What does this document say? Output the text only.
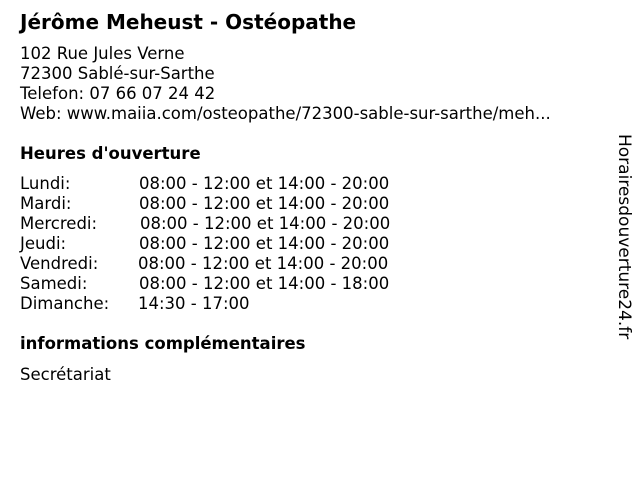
Jérôme Meheust - Ostéopathe
102 Rue Jules Verne
72300 Sablé-sur-Sarthe
Telefon: 07 66 07 24 42
Web: www.maiia.com/osteopathe/72300-sable-sur-sarthe/meh...
Heures d'ouverture
Lundi:	08:00 - 12:00 et 14:00 - 20:00
Mardi:	08:00 - 12:00 et 14:00 - 20:00
Mercredi:	08:00 - 12:00 et 14:00 - 20:00
Jeudi:	08:00 - 12:00 et 14:00 - 20:00
Vendredi: 08:00 - 12:00 et 14:00 - 20:00
Samedi:	08:00 - 12:00 et 14:00 - 18:00
Dimanche: 14:30 - 17:00
informations complémentaires
Secrétariat
Horairesdouverture24.fr
